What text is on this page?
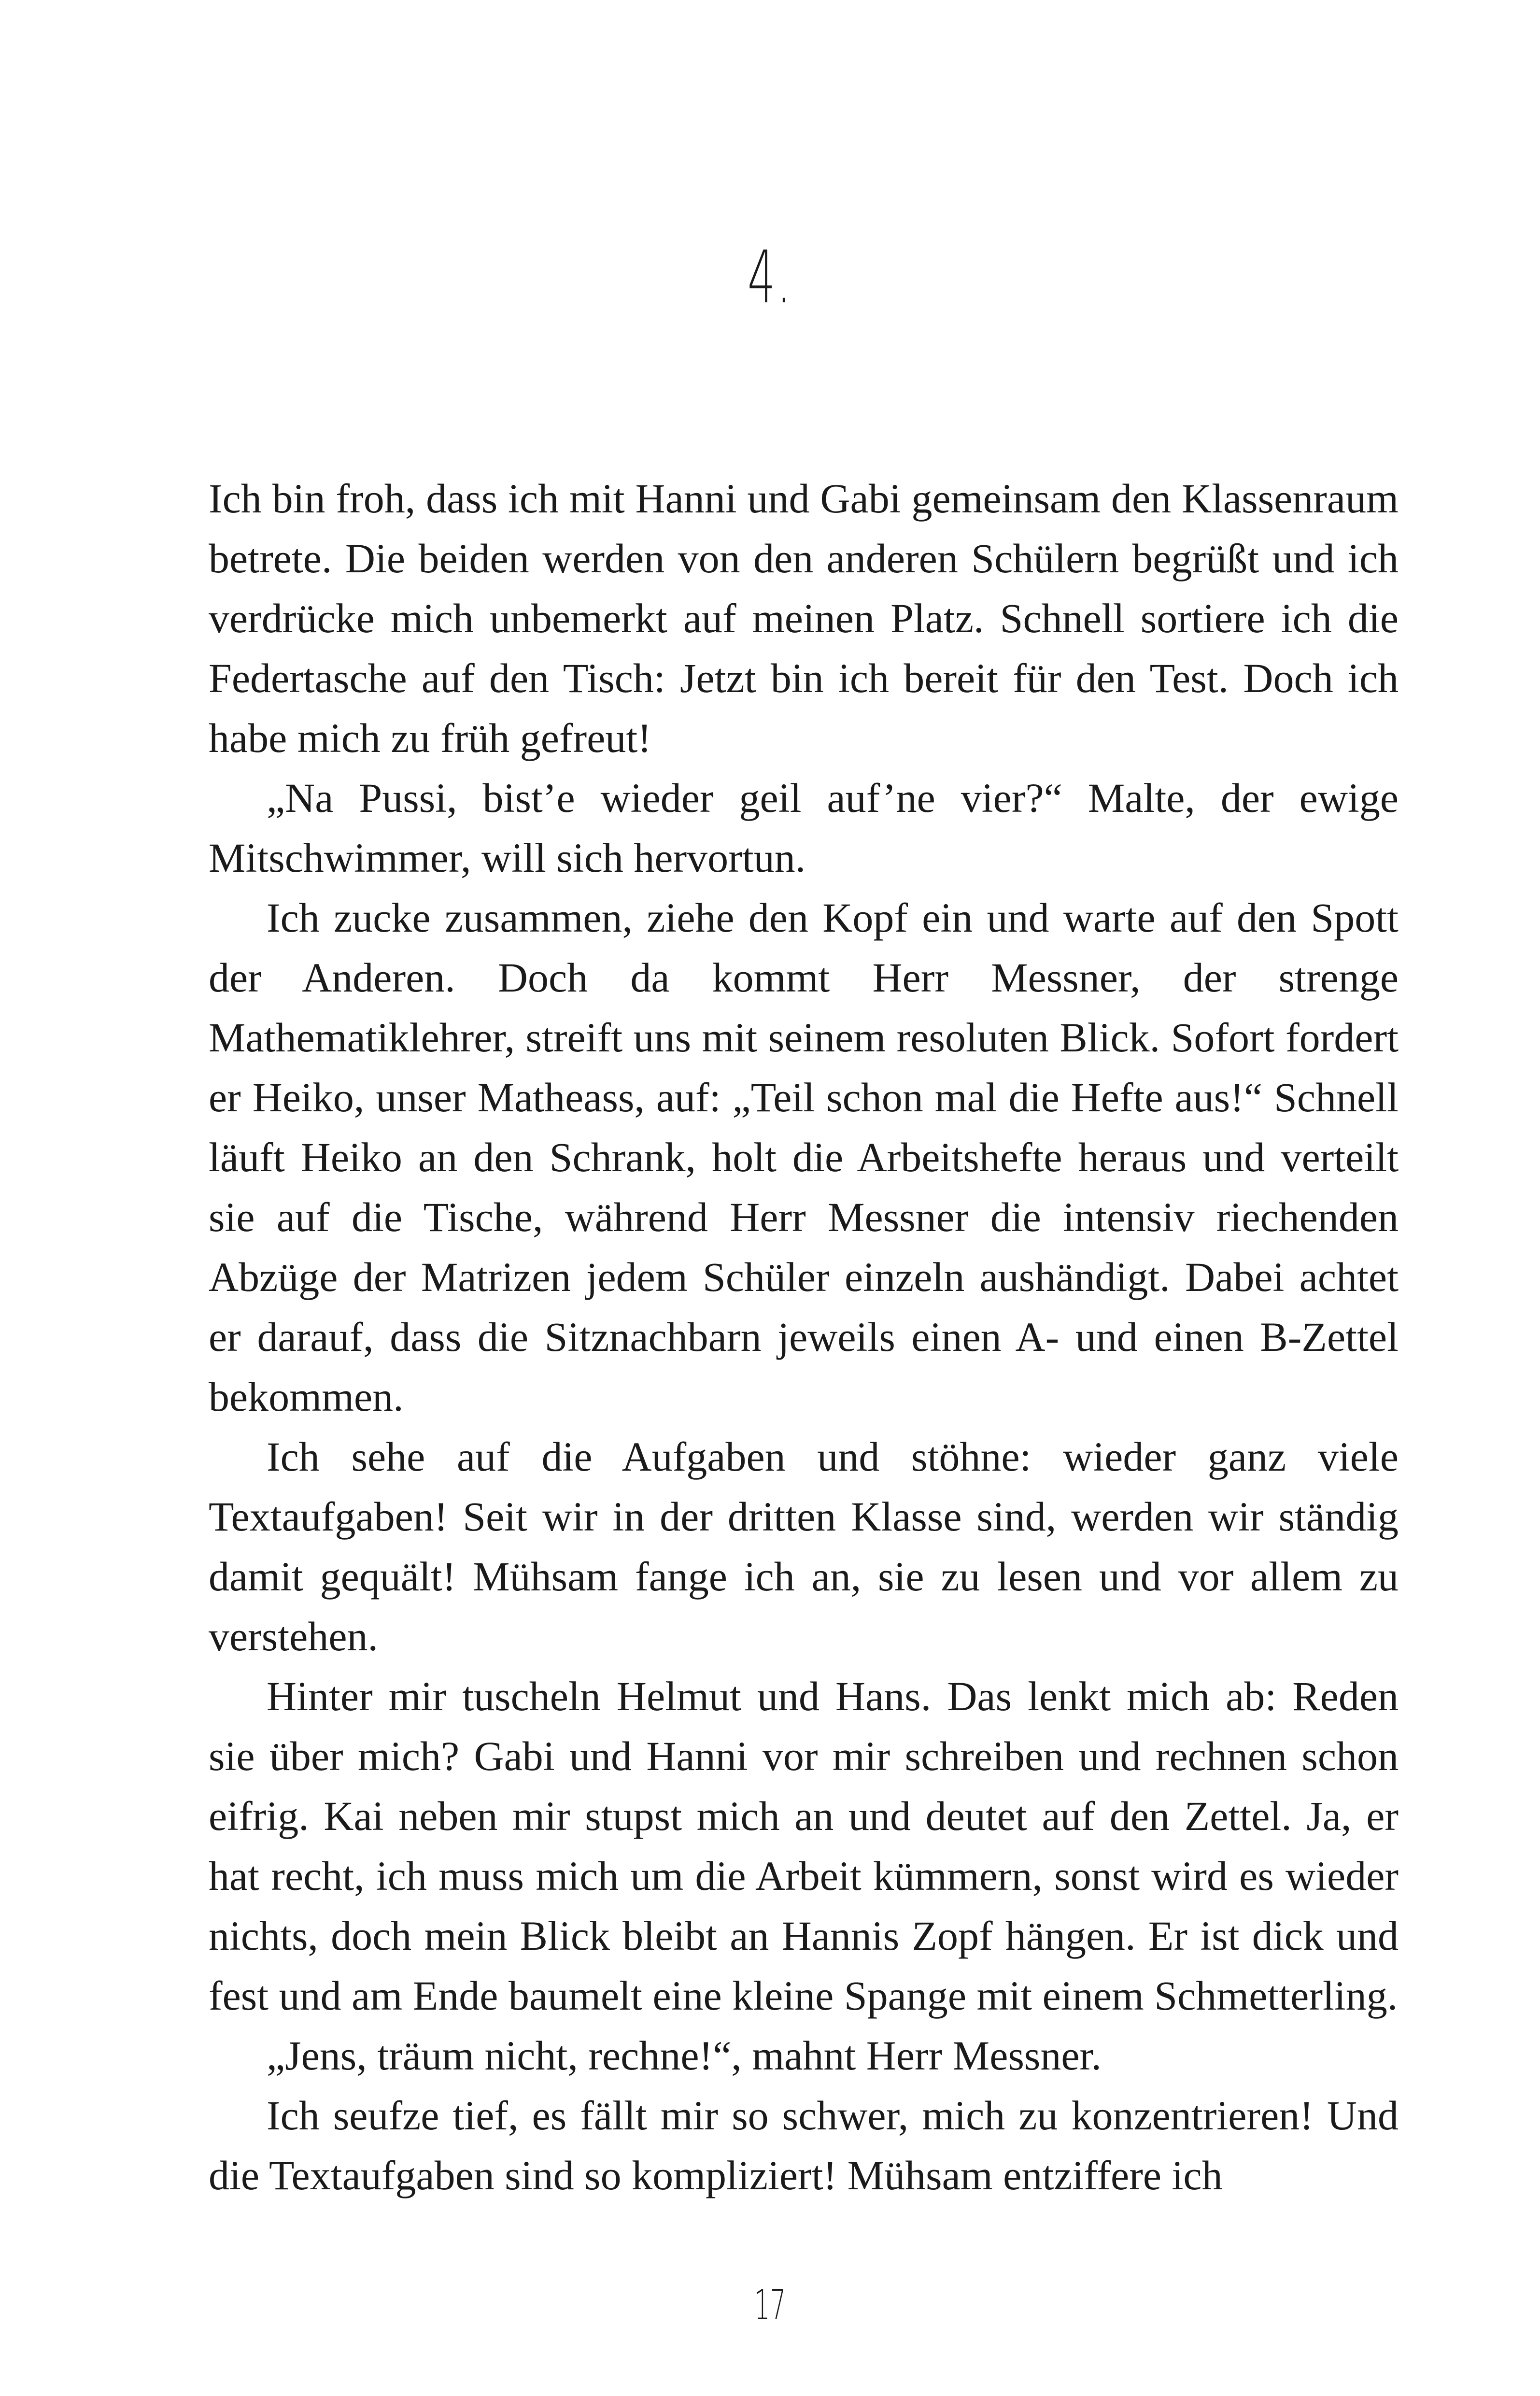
4.

Ich bin froh, dass ich mit Hanni und Gabi gemeinsam den Klassenraum betrete. Die beiden werden von den anderen Schülern begrüßt und ich verdrücke mich unbemerkt auf meinen Platz. Schnell sortiere ich die Federtasche auf den Tisch: Jetzt bin ich bereit für den Test. Doch ich habe mich zu früh gefreut!

„Na Pussi, bist’e wieder geil auf’ne vier?“ Malte, der ewige Mitschwimmer, will sich hervortun.

Ich zucke zusammen, ziehe den Kopf ein und warte auf den Spott der Anderen. Doch da kommt Herr Messner, der strenge Mathematiklehrer, streift uns mit seinem resoluten Blick. Sofort fordert er Heiko, unser Matheass, auf: „Teil schon mal die Hefte aus!“ Schnell läuft Heiko an den Schrank, holt die Arbeitshefte heraus und verteilt sie auf die Tische, während Herr Messner die intensiv riechenden Abzüge der Matrizen jedem Schüler einzeln aushändigt. Dabei achtet er darauf, dass die Sitznachbarn jeweils einen A- und einen B-Zettel bekommen.

Ich sehe auf die Aufgaben und stöhne: wieder ganz viele Textaufgaben! Seit wir in der dritten Klasse sind, werden wir ständig damit gequält! Mühsam fange ich an, sie zu lesen und vor allem zu verstehen.

Hinter mir tuscheln Helmut und Hans. Das lenkt mich ab: Reden sie über mich? Gabi und Hanni vor mir schreiben und rechnen schon eifrig. Kai neben mir stupst mich an und deutet auf den Zettel. Ja, er hat recht, ich muss mich um die Arbeit kümmern, sonst wird es wieder nichts, doch mein Blick bleibt an Hannis Zopf hängen. Er ist dick und fest und am Ende baumelt eine kleine Spange mit einem Schmetterling.

„Jens, träum nicht, rechne!“, mahnt Herr Messner.

Ich seufze tief, es fällt mir so schwer, mich zu konzentrieren! Und die Textaufgaben sind so kompliziert! Mühsam entziffere ich

17
